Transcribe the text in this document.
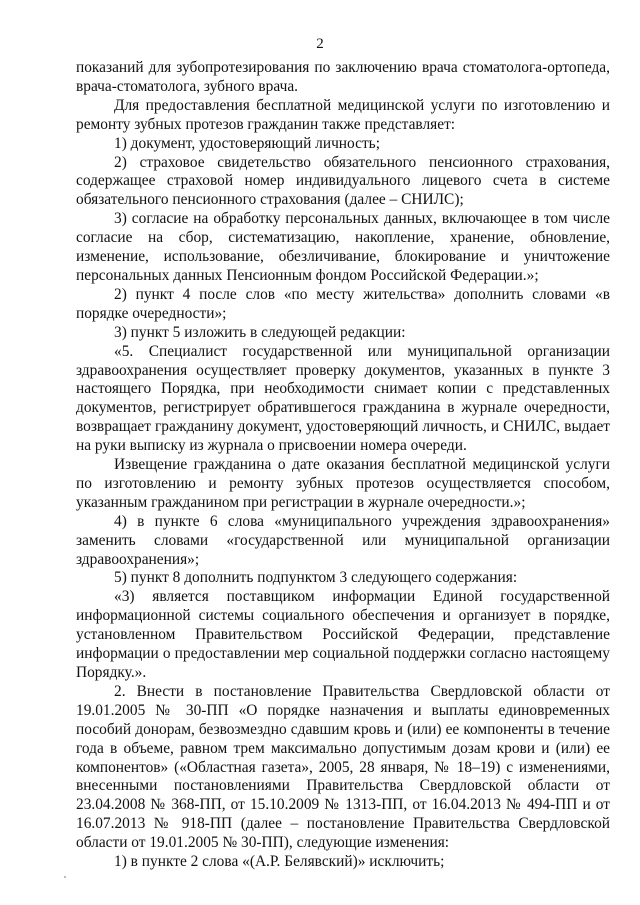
2

показаний для зубопротезирования по заключению врача стоматолога-ортопеда, врача-стоматолога, зубного врача.

Для предоставления бесплатной медицинской услуги по изготовлению и ремонту зубных протезов гражданин также представляет:

1) документ, удостоверяющий личность;

2) страховое свидетельство обязательного пенсионного страхования, содержащее страховой номер индивидуального лицевого счета в системе обязательного пенсионного страхования (далее – СНИЛС);

3) согласие на обработку персональных данных, включающее в том числе согласие на сбор, систематизацию, накопление, хранение, обновление, изменение, использование, обезличивание, блокирование и уничтожение персональных данных Пенсионным фондом Российской Федерации.»;

2) пункт 4 после слов «по месту жительства» дополнить словами «в порядке очередности»;

3) пункт 5 изложить в следующей редакции:

«5. Специалист государственной или муниципальной организации здравоохранения осуществляет проверку документов, указанных в пункте 3 настоящего Порядка, при необходимости снимает копии с представленных документов, регистрирует обратившегося гражданина в журнале очередности, возвращает гражданину документ, удостоверяющий личность, и СНИЛС, выдает на руки выписку из журнала о присвоении номера очереди.

Извещение гражданина о дате оказания бесплатной медицинской услуги по изготовлению и ремонту зубных протезов осуществляется способом, указанным гражданином при регистрации в журнале очередности.»;

4) в пункте 6 слова «муниципального учреждения здравоохранения» заменить словами «государственной или муниципальной организации здравоохранения»;

5) пункт 8 дополнить подпунктом 3 следующего содержания:

«3) является поставщиком информации Единой государственной информационной системы социального обеспечения и организует в порядке, установленном Правительством Российской Федерации, представление информации о предоставлении мер социальной поддержки согласно настоящему Порядку.».

2. Внести в постановление Правительства Свердловской области от 19.01.2005 № 30-ПП «О порядке назначения и выплаты единовременных пособий донорам, безвозмездно сдавшим кровь и (или) ее компоненты в течение года в объеме, равном трем максимально допустимым дозам крови и (или) ее компонентов» («Областная газета», 2005, 28 января, № 18–19) с изменениями, внесенными постановлениями Правительства Свердловской области от 23.04.2008 № 368-ПП, от 15.10.2009 № 1313-ПП, от 16.04.2013 № 494-ПП и от 16.07.2013 № 918-ПП (далее – постановление Правительства Свердловской области от 19.01.2005 № 30-ПП), следующие изменения:

1) в пункте 2 слова «(А.Р. Белявский)» исключить;
